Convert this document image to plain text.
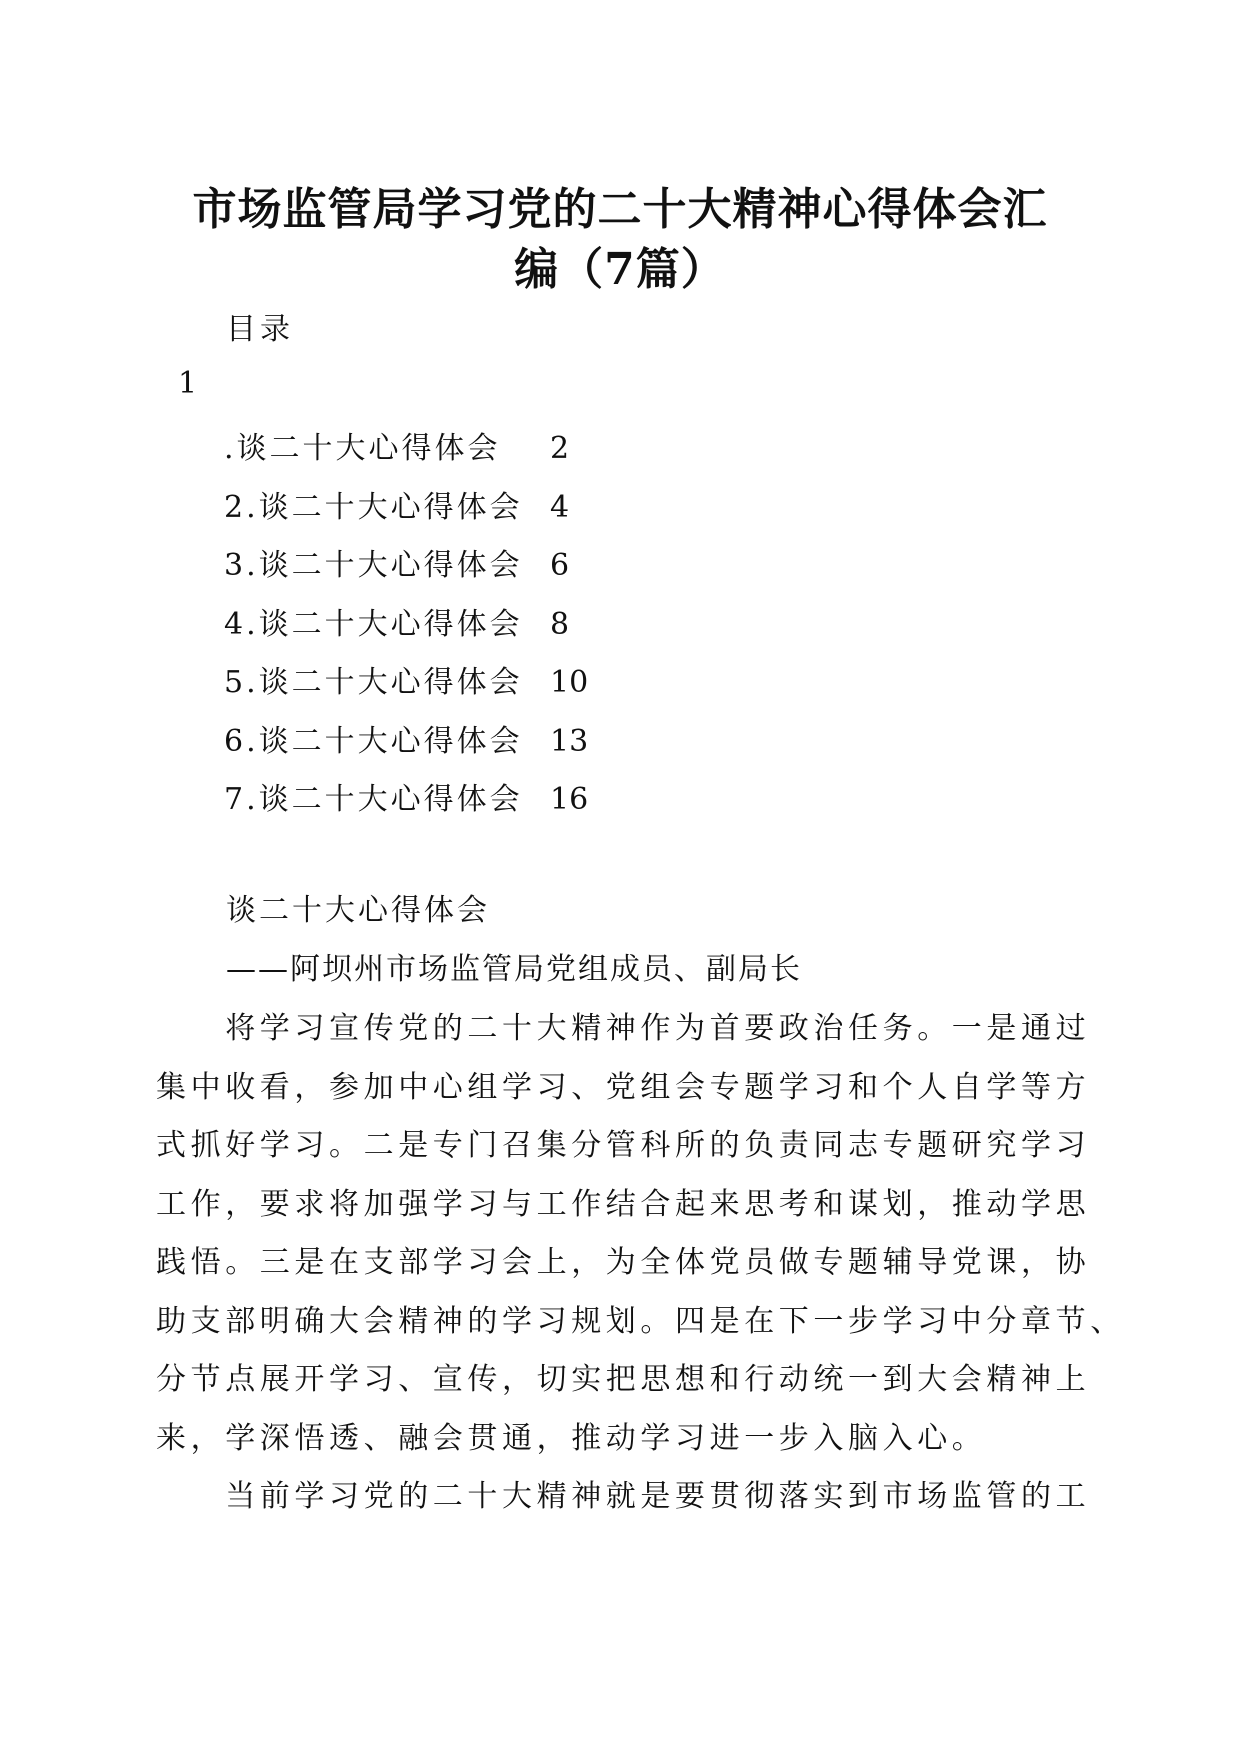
市场监管局学习党的二十大精神心得体会汇
编（7篇）
目录
1
.谈二十大心得体会 2
2.谈二十大心得体会 4
3.谈二十大心得体会 6
4.谈二十大心得体会 8
5.谈二十大心得体会 10
6.谈二十大心得体会 13
7.谈二十大心得体会 16
谈二十大心得体会
——阿坝州市场监管局党组成员、副局长
　　将学习宣传党的二十大精神作为首要政治任务。一是通过
集中收看，参加中心组学习、党组会专题学习和个人自学等方
式抓好学习。二是专门召集分管科所的负责同志专题研究学习
工作，要求将加强学习与工作结合起来思考和谋划，推动学思
践悟。三是在支部学习会上，为全体党员做专题辅导党课，协
助支部明确大会精神的学习规划。四是在下一步学习中分章节、
分节点展开学习、宣传，切实把思想和行动统一到大会精神上
来，学深悟透、融会贯通，推动学习进一步入脑入心。
　　当前学习党的二十大精神就是要贯彻落实到市场监管的工
